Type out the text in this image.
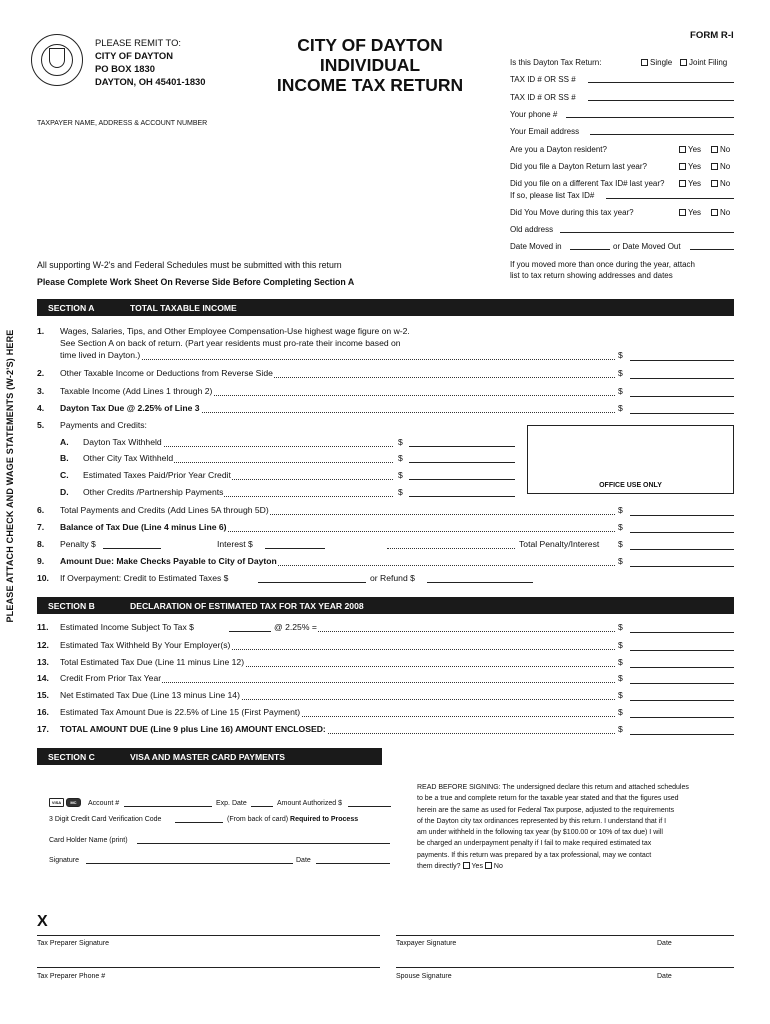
PLEASE REMIT TO:
CITY OF DAYTON
PO BOX 1830
DAYTON, OH 45401-1830
CITY OF DAYTON
INDIVIDUAL
INCOME TAX RETURN
FORM R-I
TAXPAYER NAME, ADDRESS & ACCOUNT NUMBER
Is this Dayton Tax Return:	Single	Joint Filing
TAX ID # OR SS #
TAX ID # OR SS #
Your phone #
Your Email address
Are you a Dayton resident?	Yes	No
Did you file a Dayton Return last year?	Yes	No
Did you file on a different Tax ID# last year?	Yes	No
If so, please list Tax ID#
Did You Move during this tax year?	Yes	No
Old address
Date Moved in	or Date Moved Out
If you moved more than once during the year, attach
list to tax return showing addresses and dates
All supporting W-2's and Federal Schedules must be submitted with this return
Please Complete Work Sheet On Reverse Side Before Completing Section A
PLEASE ATTACH CHECK AND WAGE STATEMENTS (W-2'S) HERE
SECTION A	TOTAL TAXABLE INCOME
1. Wages, Salaries, Tips, and Other Employee Compensation-Use highest wage figure on w-2.
See Section A on back of return. (Part year residents must pro-rate their income based on
time lived in Dayton.)	$
2. Other Taxable Income or Deductions from Reverse Side	$
3. Taxable Income (Add Lines 1 through 2)	$
4. Dayton Tax Due @ 2.25% of Line 3	$
5. Payments and Credits:
A. Dayton Tax Withheld	$
B. Other City Tax Withheld	$
C. Estimated Taxes Paid/Prior Year Credit	$
D. Other Credits /Partnership Payments	$
OFFICE USE ONLY
6. Total Payments and Credits (Add Lines 5A through 5D)	$
7. Balance of Tax Due (Line 4 minus Line 6)	$
8. Penalty $	Interest $	Total Penalty/Interest $
9. Amount Due: Make Checks Payable to City of Dayton	$
10. If Overpayment: Credit to Estimated Taxes $	or Refund $
SECTION B	DECLARATION OF ESTIMATED TAX FOR TAX YEAR 2008
11. Estimated Income Subject To Tax $	@ 2.25% =	$
12. Estimated Tax Withheld By Your Employer(s)	$
13. Total Estimated Tax Due (Line 11 minus Line 12)	$
14. Credit From Prior Tax Year	$
15. Net Estimated Tax Due (Line 13 minus Line 14)	$
16. Estimated Tax Amount Due is 22.5% of Line 15 (First Payment)	$
17. TOTAL AMOUNT DUE (Line 9 plus Line 16) AMOUNT ENCLOSED:	$
SECTION C	VISA AND MASTER CARD PAYMENTS
VISA MC	Account #	Exp. Date	Amount Authorized $
3 Digit Credit Card Verification Code	(From back of card) Required to Process
Card Holder Name (print)
Signature	Date
READ BEFORE SIGNING: The undersigned declare this return and attached schedules
to be a true and complete return for the taxable year stated and that the figures used
herein are the same as used for Federal Tax purpose, adjusted to the requirements
of the Dayton city tax ordinances represented by this return. I understand that if I
am under withheld in the following tax year (by $100.00 or 10% of tax due) I will
be charged an underpayment penalty if I fail to make required estimated tax
payments. If this return was prepared by a tax professional, may we contact
them directly? Yes No
X
Tax Preparer Signature	Taxpayer Signature	Date
Tax Preparer Phone #	Spouse Signature	Date
